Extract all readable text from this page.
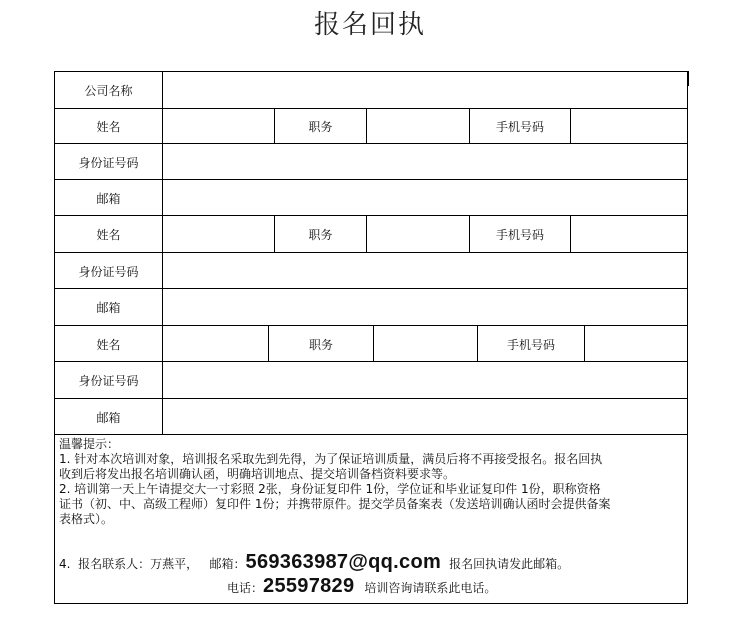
报名回执
公司名称
姓名	职务	手机号码
身份证号码
邮箱
姓名	职务	手机号码
身份证号码
邮箱
姓名	职务	手机号码
身份证号码
邮箱

温馨提示：

1. 针对本次培训对象，培训报名采取先到先得，为了保证培训质量，满员后将不再接受报名。报名回执

收到后将发出报名培训确认函，明确培训地点、提交培训备档资料要求等。

2. 培训第一天上午请提交大一寸彩照 2张，身份证复印件 1份，学位证和毕业证复印件 1份，职称资格

证书（初、中、高级工程师）复印件 1份；并携带原件。提交学员备案表（发送培训确认函时会提供备案

表格式）。

4.  报名联系人：万燕平，   邮箱： 569363987@qq.com 报名回执请发此邮箱。
电话： 25597829 培训咨询请联系此电话。
